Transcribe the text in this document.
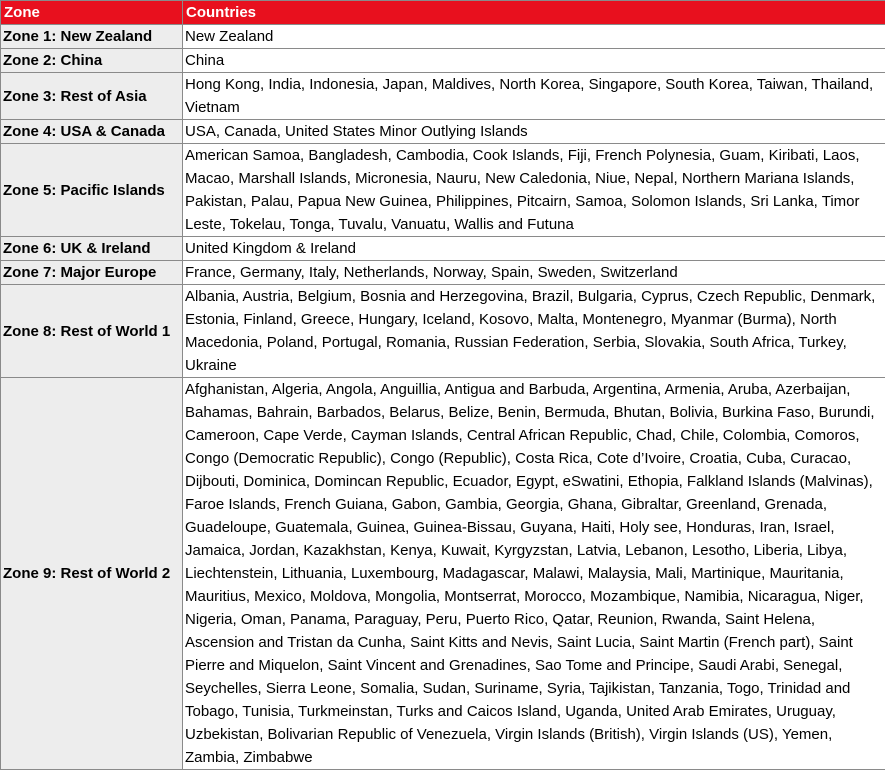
Zone	Countries
Zone 1: New Zealand	New Zealand
Zone 2: China	China
Zone 3: Rest of Asia	Hong Kong, India, Indonesia, Japan, Maldives, North Korea, Singapore, South Korea, Taiwan, Thailand, Vietnam
Zone 4: USA & Canada	USA, Canada, United States Minor Outlying Islands
Zone 5: Pacific Islands	American Samoa, Bangladesh, Cambodia, Cook Islands, Fiji, French Polynesia, Guam, Kiribati, Laos, Macao, Marshall Islands, Micronesia, Nauru, New Caledonia, Niue, Nepal, Northern Mariana Islands, Pakistan, Palau, Papua New Guinea, Philippines, Pitcairn, Samoa, Solomon Islands, Sri Lanka, Timor Leste, Tokelau, Tonga, Tuvalu, Vanuatu, Wallis and Futuna
Zone 6: UK & Ireland	United Kingdom & Ireland
Zone 7: Major Europe	France, Germany, Italy, Netherlands, Norway, Spain, Sweden, Switzerland
Zone 8: Rest of World 1	Albania, Austria, Belgium, Bosnia and Herzegovina, Brazil, Bulgaria, Cyprus, Czech Republic, Denmark, Estonia, Finland, Greece, Hungary, Iceland, Kosovo, Malta, Montenegro, Myanmar (Burma), North Macedonia, Poland, Portugal, Romania, Russian Federation, Serbia, Slovakia, South Africa, Turkey, Ukraine
Zone 9: Rest of World 2	Afghanistan, Algeria, Angola, Anguillia, Antigua and Barbuda, Argentina, Armenia, Aruba, Azerbaijan, Bahamas, Bahrain, Barbados, Belarus, Belize, Benin, Bermuda, Bhutan, Bolivia, Burkina Faso, Burundi, Cameroon, Cape Verde, Cayman Islands, Central African Republic, Chad, Chile, Colombia, Comoros, Congo (Democratic Republic), Congo (Republic), Costa Rica, Cote d’Ivoire, Croatia, Cuba, Curacao, Dijbouti, Dominica, Domincan Republic, Ecuador, Egypt, eSwatini, Ethopia, Falkland Islands (Malvinas), Faroe Islands, French Guiana, Gabon, Gambia, Georgia, Ghana, Gibraltar, Greenland, Grenada, Guadeloupe, Guatemala, Guinea, Guinea-Bissau, Guyana, Haiti, Holy see, Honduras, Iran, Israel, Jamaica, Jordan, Kazakhstan, Kenya, Kuwait, Kyrgyzstan, Latvia, Lebanon, Lesotho, Liberia, Libya, Liechtenstein, Lithuania, Luxembourg, Madagascar, Malawi, Malaysia, Mali, Martinique, Mauritania, Mauritius, Mexico, Moldova, Mongolia, Montserrat, Morocco, Mozambique, Namibia, Nicaragua, Niger, Nigeria, Oman, Panama, Paraguay, Peru, Puerto Rico, Qatar, Reunion, Rwanda, Saint Helena, Ascension and Tristan da Cunha, Saint Kitts and Nevis, Saint Lucia, Saint Martin (French part), Saint Pierre and Miquelon, Saint Vincent and Grenadines, Sao Tome and Principe, Saudi Arabi, Senegal, Seychelles, Sierra Leone, Somalia, Sudan, Suriname, Syria, Tajikistan, Tanzania, Togo, Trinidad and Tobago, Tunisia, Turkmeinstan, Turks and Caicos Island, Uganda, United Arab Emirates, Uruguay, Uzbekistan, Bolivarian Republic of Venezuela, Virgin Islands (British), Virgin Islands (US), Yemen, Zambia, Zimbabwe
